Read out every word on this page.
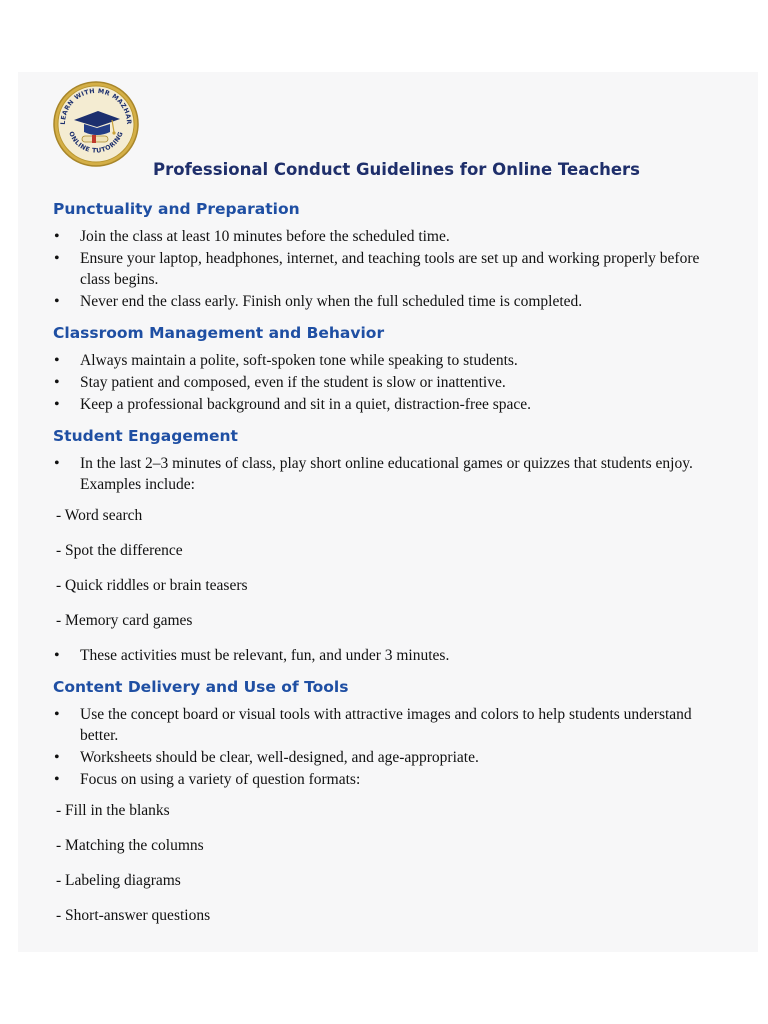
LEARN WITH MR MAZHAR
ONLINE TUTORING
Professional Conduct Guidelines for Online Teachers
Punctuality and Preparation
• Join the class at least 10 minutes before the scheduled time.
• Ensure your laptop, headphones, internet, and teaching tools are set up and working properly before class begins.
• Never end the class early. Finish only when the full scheduled time is completed.
Classroom Management and Behavior
• Always maintain a polite, soft-spoken tone while speaking to students.
• Stay patient and composed, even if the student is slow or inattentive.
• Keep a professional background and sit in a quiet, distraction-free space.
Student Engagement
• In the last 2–3 minutes of class, play short online educational games or quizzes that students enjoy. Examples include:
- Word search
- Spot the difference
- Quick riddles or brain teasers
- Memory card games
• These activities must be relevant, fun, and under 3 minutes.
Content Delivery and Use of Tools
• Use the concept board or visual tools with attractive images and colors to help students understand better.
• Worksheets should be clear, well-designed, and age-appropriate.
• Focus on using a variety of question formats:
- Fill in the blanks
- Matching the columns
- Labeling diagrams
- Short-answer questions
